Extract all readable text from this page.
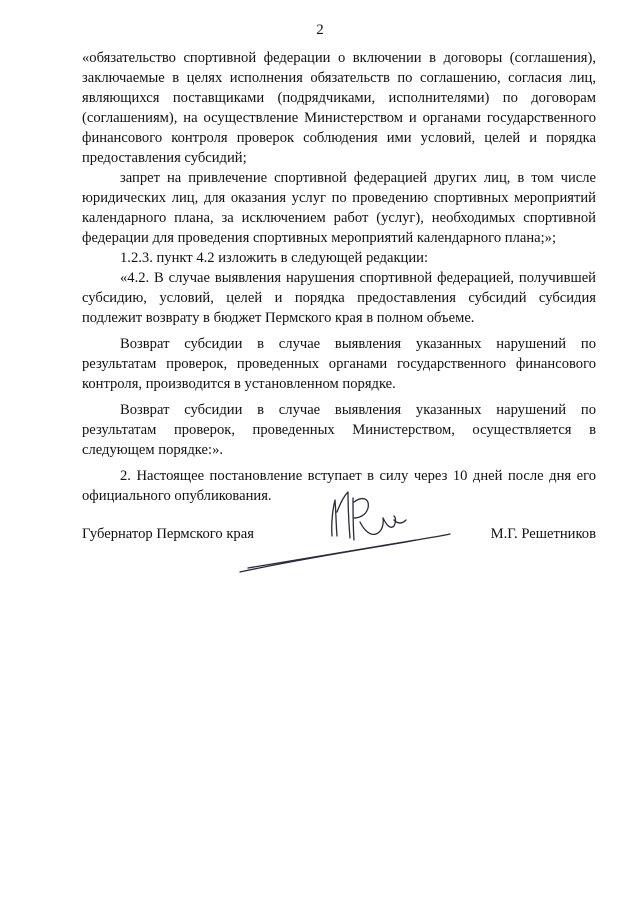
2

«обязательство спортивной федерации о включении в договоры (соглашения), заключаемые в целях исполнения обязательств по соглашению, согласия лиц, являющихся поставщиками (подрядчиками, исполнителями) по договорам (соглашениям), на осуществление Министерством и органами государственного финансового контроля проверок соблюдения ими условий, целей и порядка предоставления субсидий;

запрет на привлечение спортивной федерацией других лиц, в том числе юридических лиц, для оказания услуг по проведению спортивных мероприятий календарного плана, за исключением работ (услуг), необходимых спортивной федерации для проведения спортивных мероприятий календарного плана;»;

1.2.3. пункт 4.2 изложить в следующей редакции:

«4.2. В случае выявления нарушения спортивной федерацией, получившей субсидию, условий, целей и порядка предоставления субсидий субсидия подлежит возврату в бюджет Пермского края в полном объеме.

Возврат субсидии в случае выявления указанных нарушений по результатам проверок, проведенных органами государственного финансового контроля, производится в установленном порядке.

Возврат субсидии в случае выявления указанных нарушений по результатам проверок, проведенных Министерством, осуществляется в следующем порядке:».

2. Настоящее постановление вступает в силу через 10 дней после дня его официального опубликования.

Губернатор Пермского края	М.Г. Решетников
